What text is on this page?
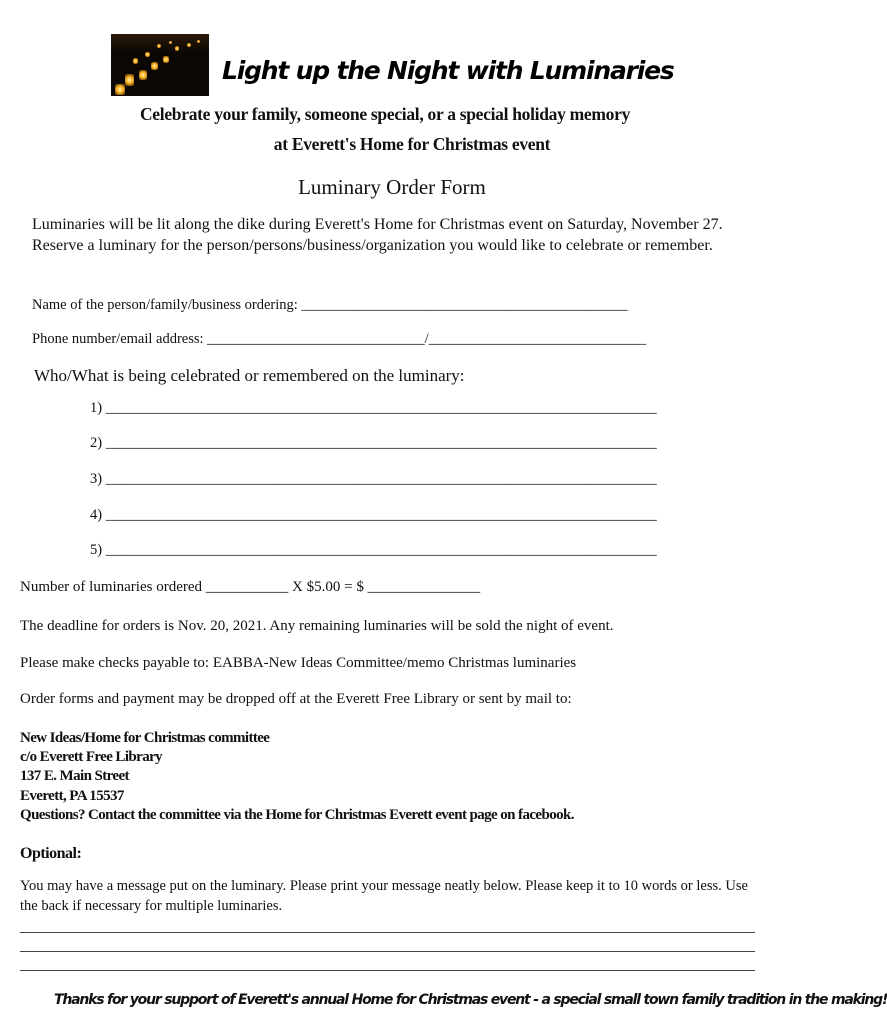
Light up the Night with Luminaries
Celebrate your family, someone special, or a special holiday memory
at Everett's Home for Christmas event
Luminary Order Form
Luminaries will be lit along the dike during Everett's Home for Christmas event on Saturday, November 27. Reserve a luminary for the person/persons/business/organization you would like to celebrate or remember.
Name of the person/family/business ordering: _____________________________________________
Phone number/email address: ______________________________/______________________________
Who/What is being celebrated or remembered on the luminary:
1) ____________________________________________________________________________
2) ____________________________________________________________________________
3) ____________________________________________________________________________
4) ____________________________________________________________________________
5) ____________________________________________________________________________
Number of luminaries ordered ___________ X $5.00 = $ _______________
The deadline for orders is Nov. 20, 2021. Any remaining luminaries will be sold the night of event.
Please make checks payable to: EABBA-New Ideas Committee/memo Christmas luminaries
Order forms and payment may be dropped off at the Everett Free Library or sent by mail to:
New Ideas/Home for Christmas committee
c/o Everett Free Library
137 E. Main Street
Everett, PA 15537
Questions? Contact the committee via the Home for Christmas Everett event page on facebook.
Optional:
You may have a message put on the luminary. Please print your message neatly below. Please keep it to 10 words or less. Use the back if necessary for multiple luminaries.
Thanks for your support of Everett's annual Home for Christmas event - a special small town family tradition in the making!
